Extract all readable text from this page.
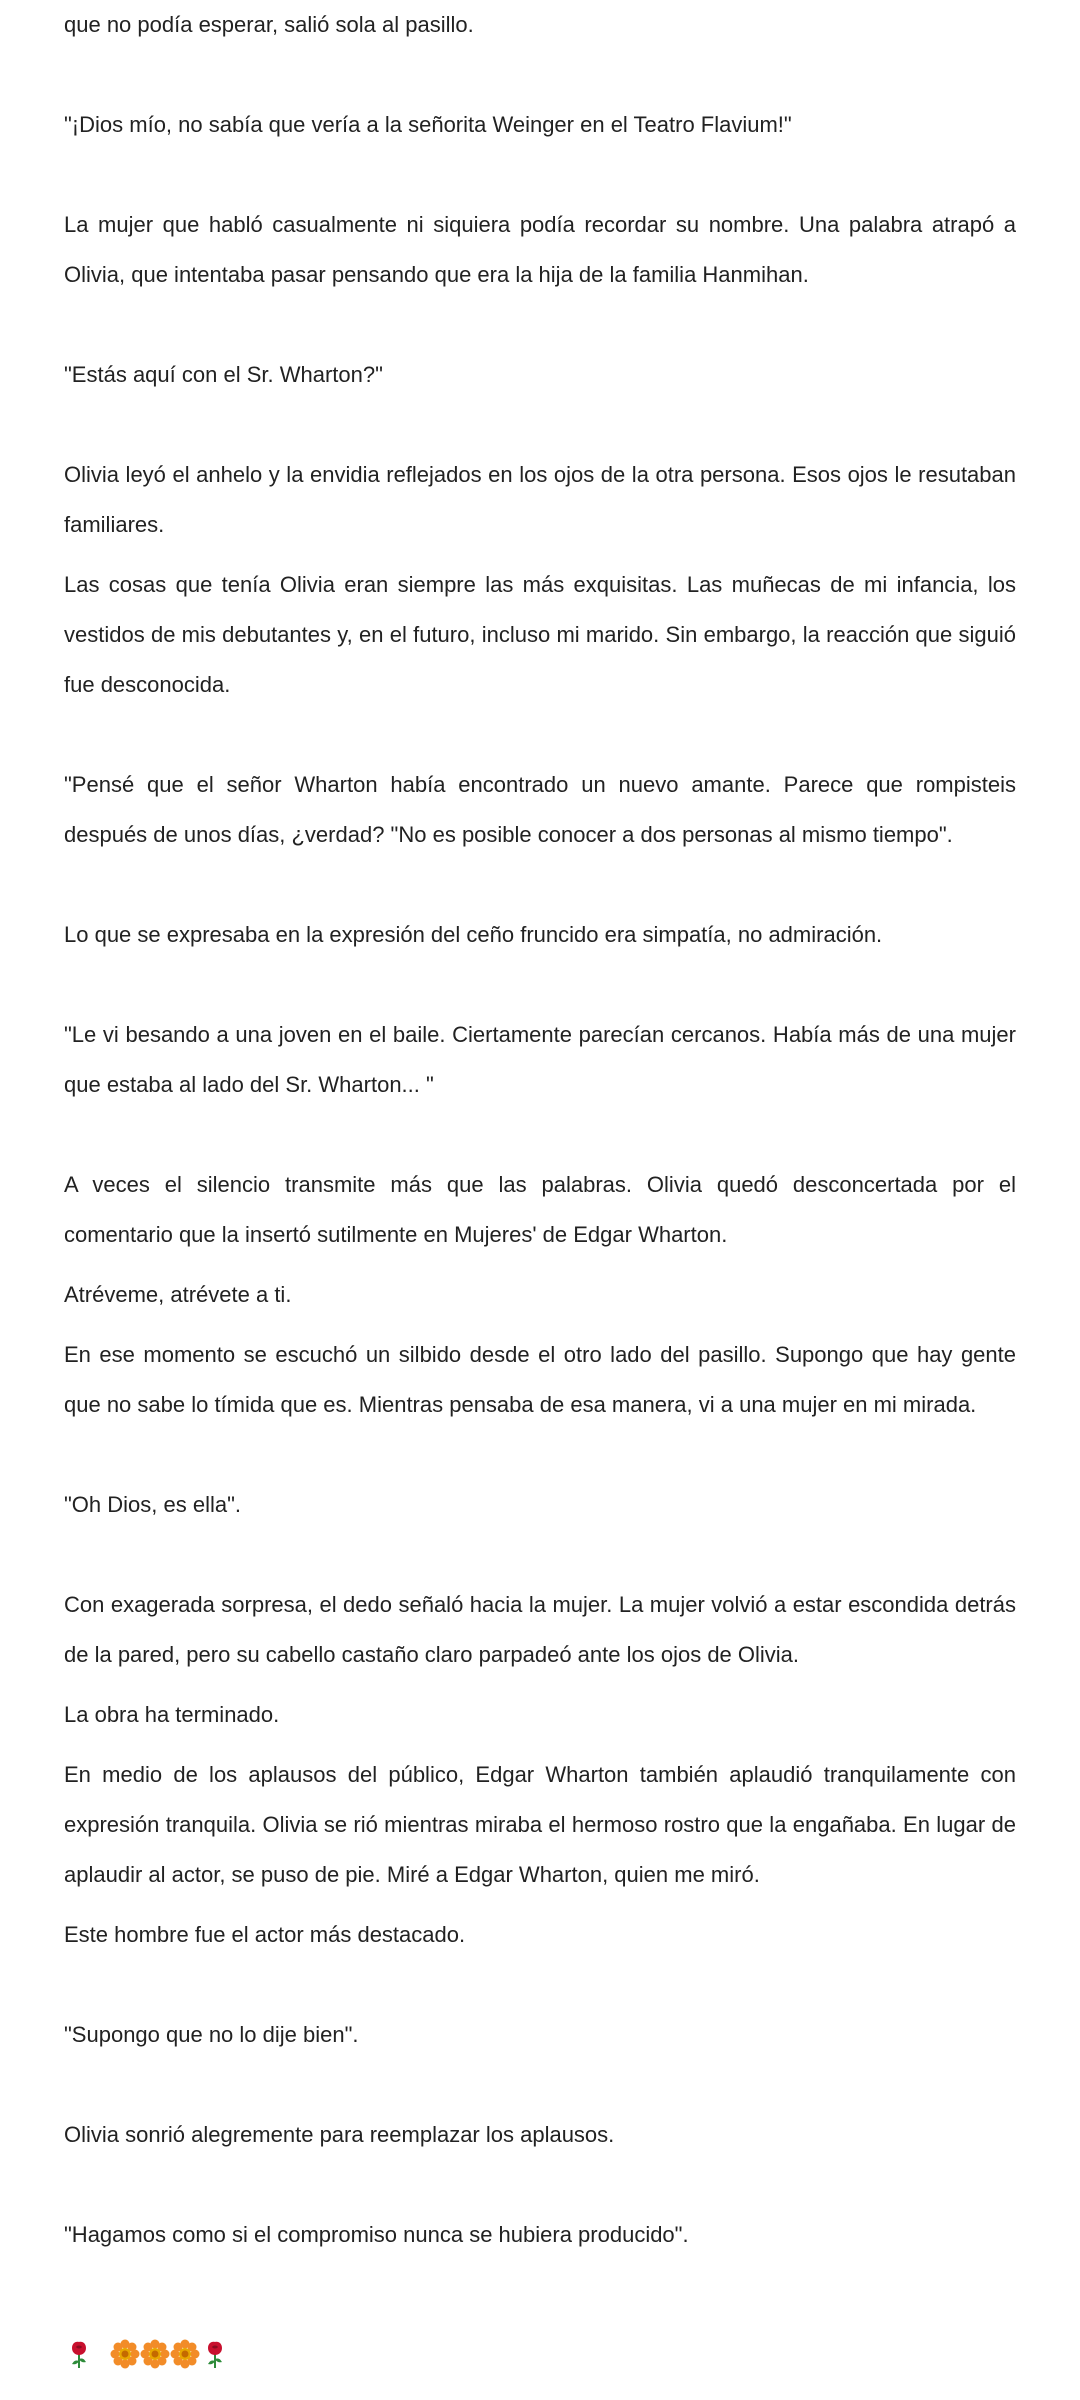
que no podía esperar, salió sola al pasillo.

"¡Dios mío, no sabía que vería a la señorita Weinger en el Teatro Flavium!"

La mujer que habló casualmente ni siquiera podía recordar su nombre. Una palabra atrapó a Olivia, que intentaba pasar pensando que era la hija de la familia Hanmihan.

"Estás aquí con el Sr. Wharton?"

Olivia leyó el anhelo y la envidia reflejados en los ojos de la otra persona. Esos ojos le resutaban familiares.

Las cosas que tenía Olivia eran siempre las más exquisitas. Las muñecas de mi infancia, los vestidos de mis debutantes y, en el futuro, incluso mi marido. Sin embargo, la reacción que siguió fue desconocida.

"Pensé que el señor Wharton había encontrado un nuevo amante. Parece que rompisteis después de unos días, ¿verdad? "No es posible conocer a dos personas al mismo tiempo".

Lo que se expresaba en la expresión del ceño fruncido era simpatía, no admiración.

"Le vi besando a una joven en el baile. Ciertamente parecían cercanos. Había más de una mujer que estaba al lado del Sr. Wharton... "

A veces el silencio transmite más que las palabras. Olivia quedó desconcertada por el comentario que la insertó sutilmente en Mujeres' de Edgar Wharton.

Atréveme, atrévete a ti.

En ese momento se escuchó un silbido desde el otro lado del pasillo. Supongo que hay gente que no sabe lo tímida que es. Mientras pensaba de esa manera, vi a una mujer en mi mirada.

"Oh Dios, es ella".

Con exagerada sorpresa, el dedo señaló hacia la mujer. La mujer volvió a estar escondida detrás de la pared, pero su cabello castaño claro parpadeó ante los ojos de Olivia.

La obra ha terminado.

En medio de los aplausos del público, Edgar Wharton también aplaudió tranquilamente con expresión tranquila. Olivia se rió mientras miraba el hermoso rostro que la engañaba. En lugar de aplaudir al actor, se puso de pie. Miré a Edgar Wharton, quien me miró.

Este hombre fue el actor más destacado.

"Supongo que no lo dije bien".

Olivia sonrió alegremente para reemplazar los aplausos.

"Hagamos como si el compromiso nunca se hubiera producido".
